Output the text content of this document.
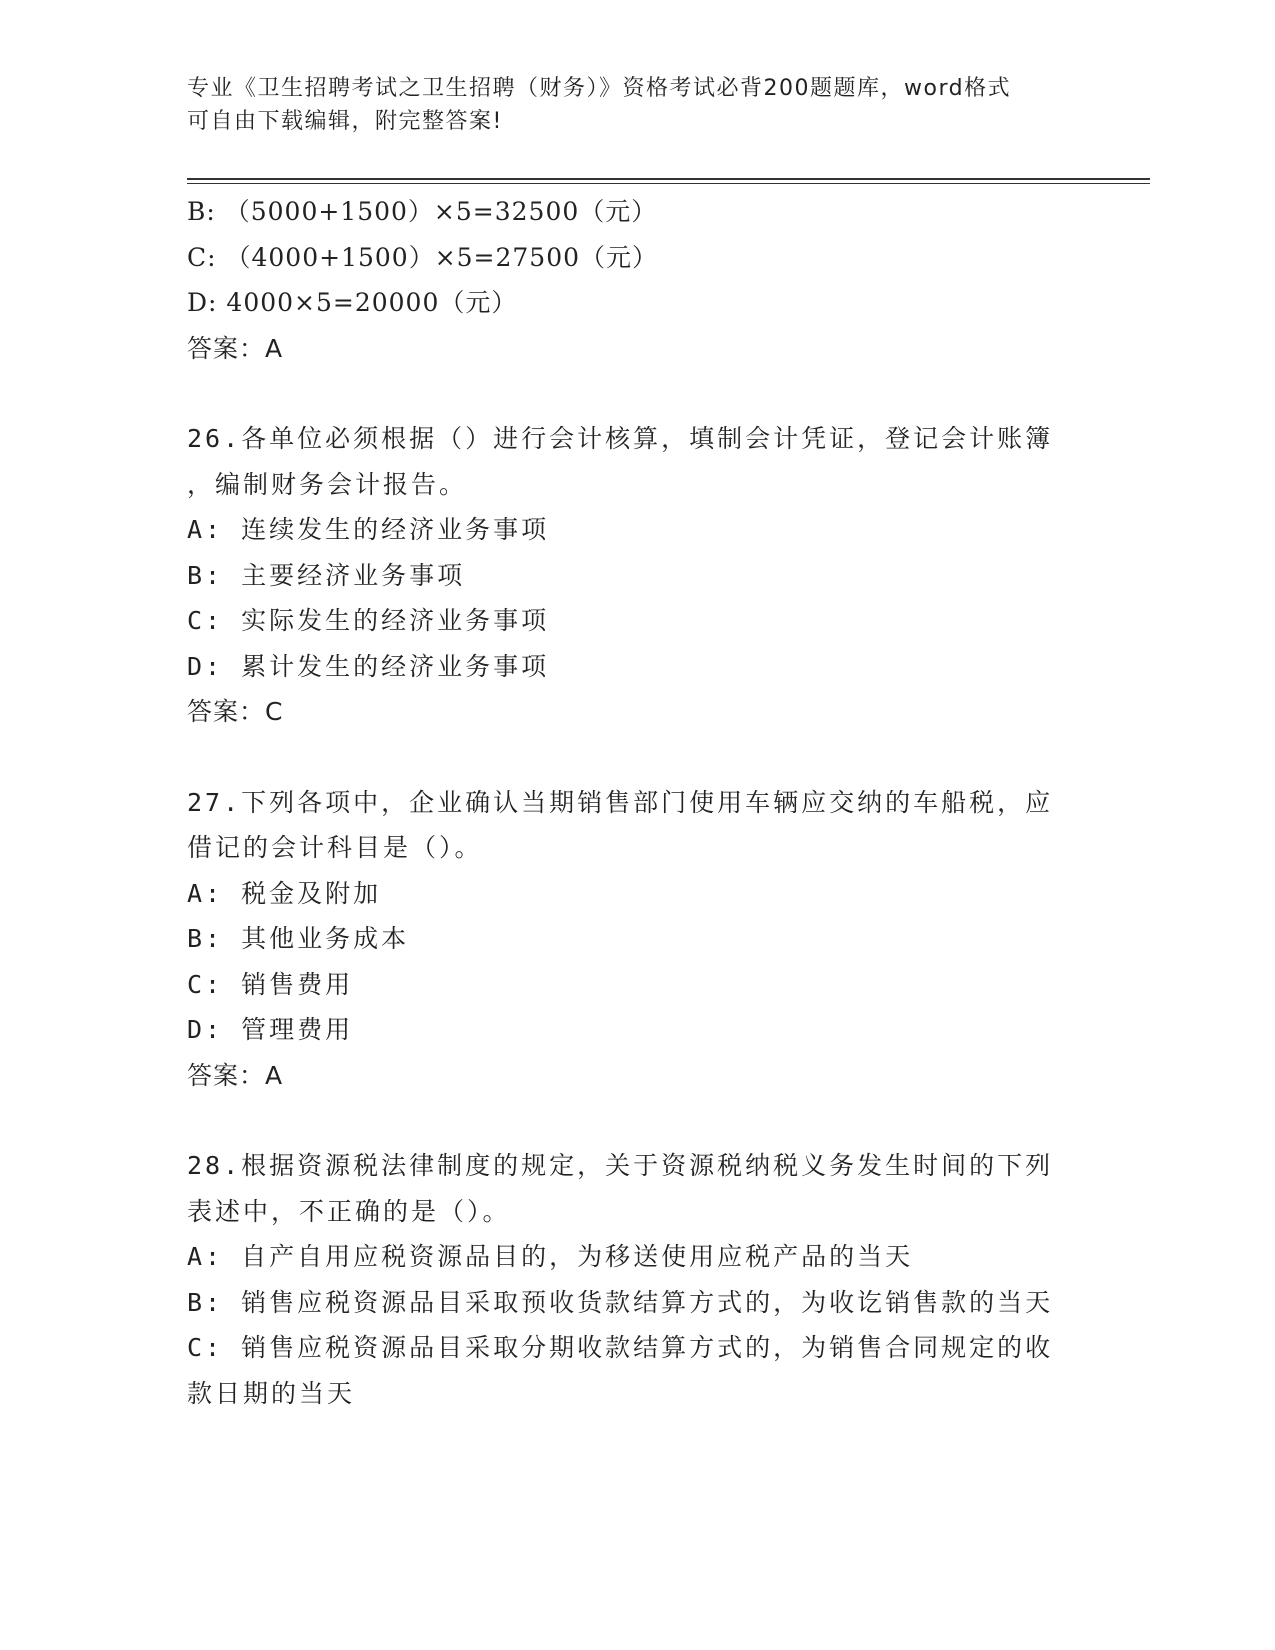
专业《卫生招聘考试之卫生招聘（财务）》资格考试必背200题题库，word格式
可自由下载编辑，附完整答案!
B: （5000+1500）×5=32500（元）
C: （4000+1500）×5=27500（元）
D: 4000×5=20000（元）
答案：A
26.各单位必须根据（）进行会计核算，填制会计凭证，登记会计账簿
，编制财务会计报告。
A: 连续发生的经济业务事项
B: 主要经济业务事项
C: 实际发生的经济业务事项
D: 累计发生的经济业务事项
答案：C
27.下列各项中，企业确认当期销售部门使用车辆应交纳的车船税，应
借记的会计科目是（）。
A: 税金及附加
B: 其他业务成本
C: 销售费用
D: 管理费用
答案：A
28.根据资源税法律制度的规定，关于资源税纳税义务发生时间的下列
表述中，不正确的是（）。
A: 自产自用应税资源品目的，为移送使用应税产品的当天
B: 销售应税资源品目采取预收货款结算方式的，为收讫销售款的当天
C: 销售应税资源品目采取分期收款结算方式的，为销售合同规定的收
款日期的当天
